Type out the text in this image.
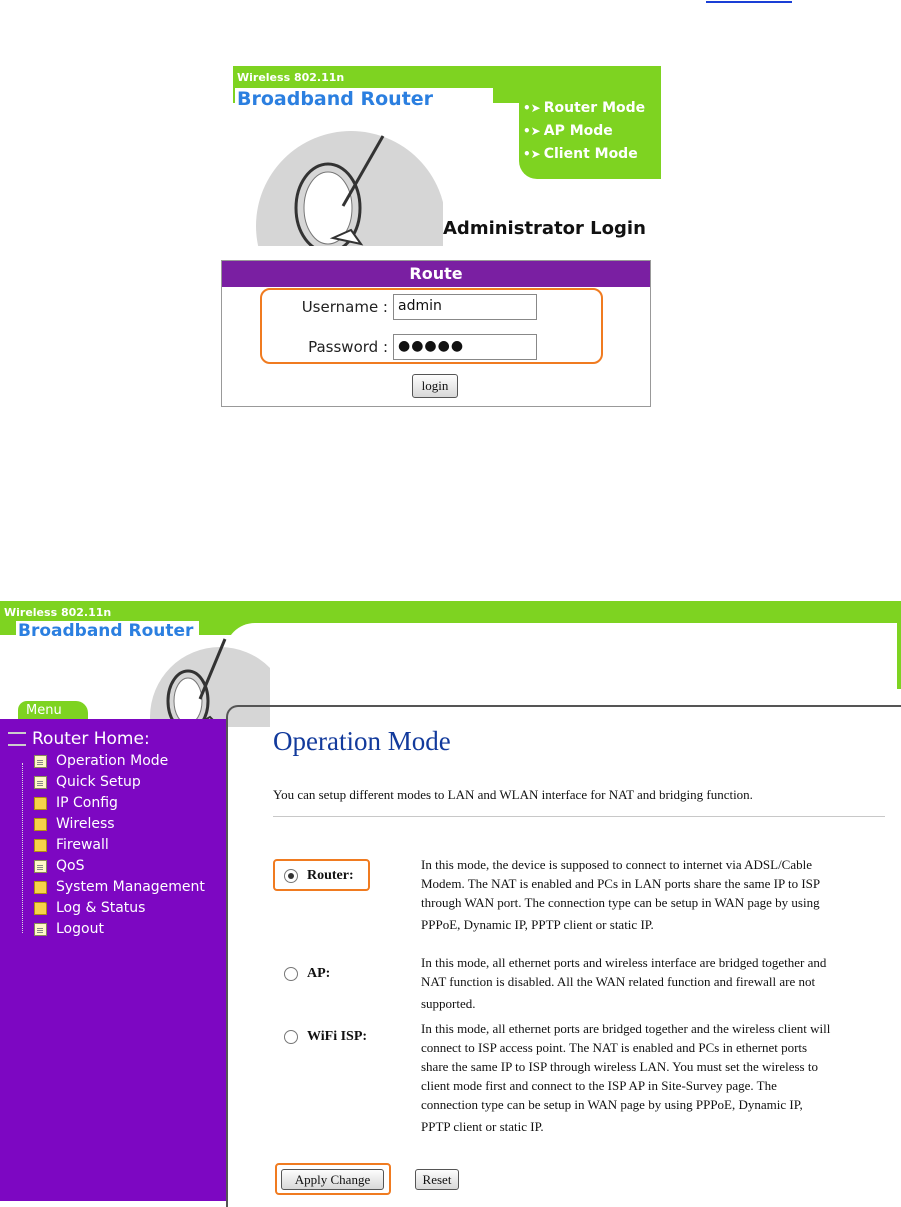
Wireless 802.11n
Broadband Router	•➤ Router Mode
•➤ AP Mode
•➤ Client Mode
Administrator Login
Route
Username : admin
Password : ●●●●●
login
Wireless 802.11n
Broadband Router
Menu
Router Home:
Operation Mode
Quick Setup
IP Config
Wireless
Firewall
QoS
System Management
Log & Status
Logout
Operation Mode
You can setup different modes to LAN and WLAN interface for NAT and bridging function.
Router:
In this mode, the device is supposed to connect to internet via ADSL/Cable
Modem. The NAT is enabled and PCs in LAN ports share the same IP to ISP
through WAN port. The connection type can be setup in WAN page by using
PPPoE, Dynamic IP, PPTP client or static IP.
AP:
In this mode, all ethernet ports and wireless interface are bridged together and
NAT function is disabled. All the WAN related function and firewall are not
supported.
WiFi ISP:
In this mode, all ethernet ports are bridged together and the wireless client will
connect to ISP access point. The NAT is enabled and PCs in ethernet ports
share the same IP to ISP through wireless LAN. You must set the wireless to
client mode first and connect to the ISP AP in Site-Survey page. The
connection type can be setup in WAN page by using PPPoE, Dynamic IP,
PPTP client or static IP.
Apply Change	Reset
